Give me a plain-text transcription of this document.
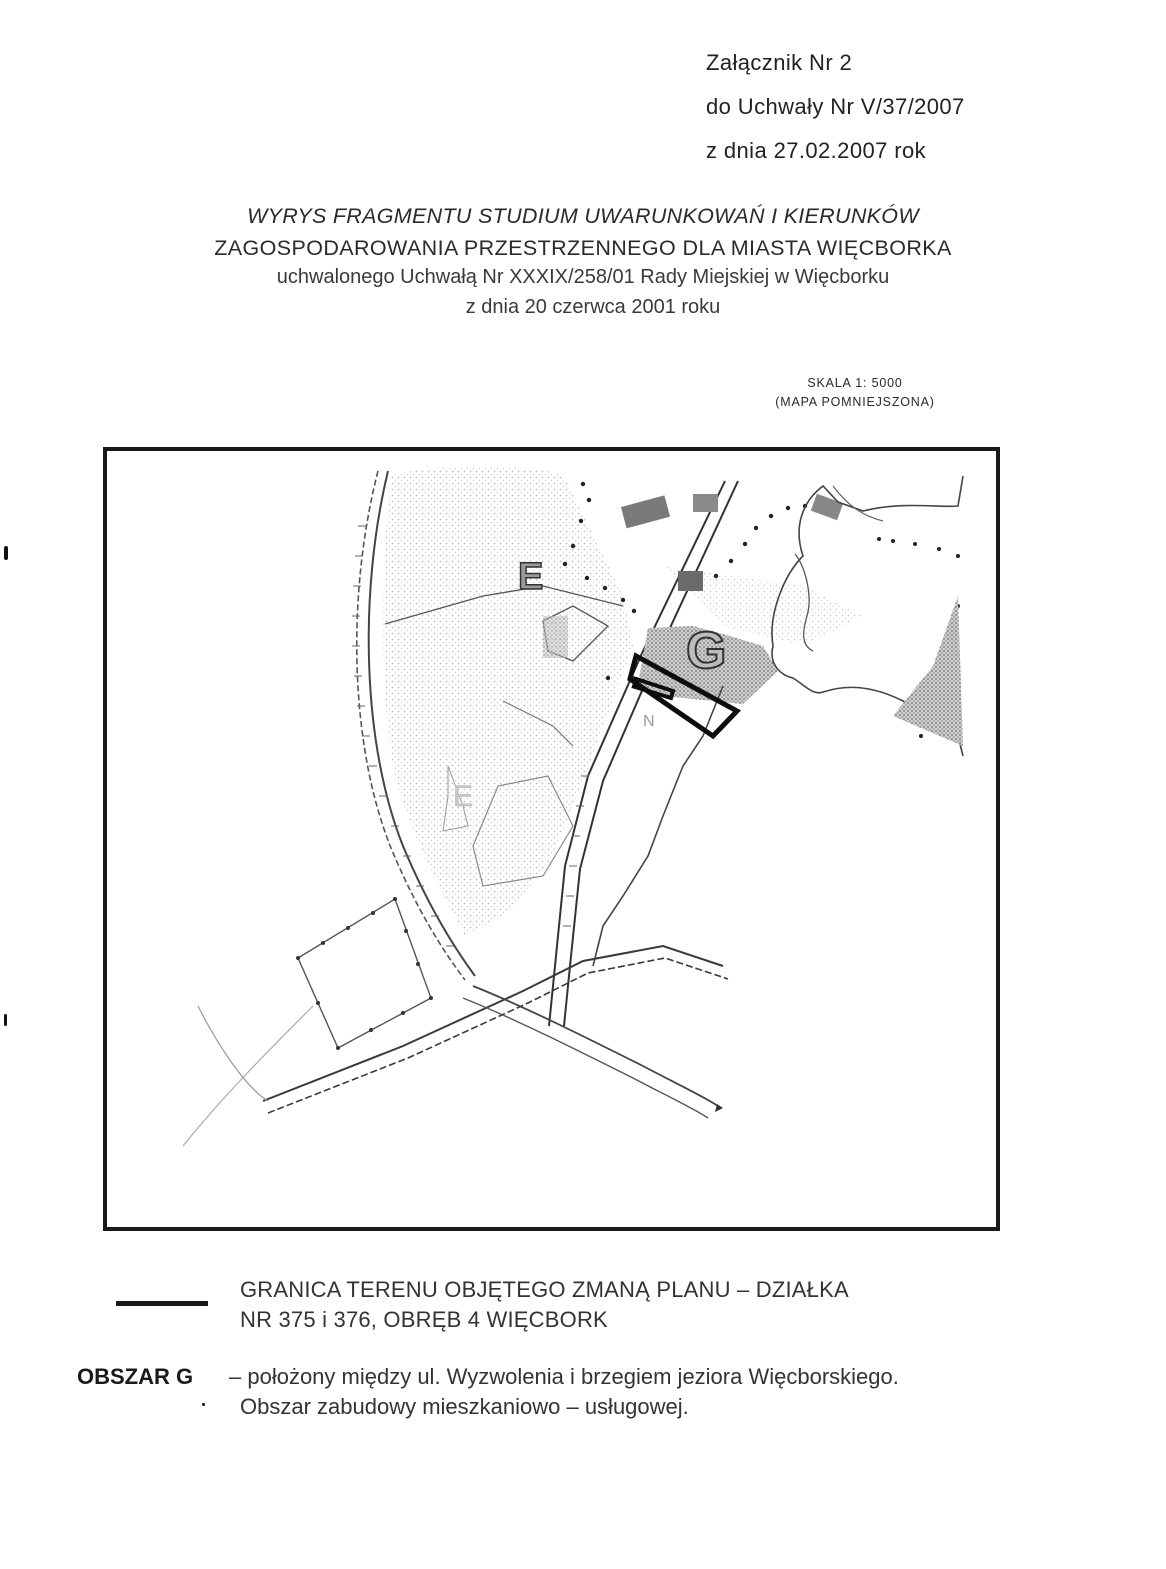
Załącznik Nr 2
do Uchwały Nr V/37/2007
z dnia 27.02.2007 rok
WYRYS FRAGMENTU STUDIUM UWARUNKOWAŃ I KIERUNKÓW
ZAGOSPODAROWANIA PRZESTRZENNEGO DLA MIASTA WIĘCBORKA
uchwalonego Uchwałą Nr XXXIX/258/01 Rady Miejskiej w Więcborku
z dnia 20 czerwca 2001 roku
SKALA 1: 5000
(MAPA POMNIEJSZONA)
E
G
E
N
GRANICA TERENU OBJĘTEGO ZMANĄ PLANU – DZIAŁKA
NR 375 i 376, OBRĘB 4 WIĘCBORK
OBSZAR G – położony między ul. Wyzwolenia i brzegiem jeziora Więcborskiego.
Obszar zabudowy mieszkaniowo – usługowej.
